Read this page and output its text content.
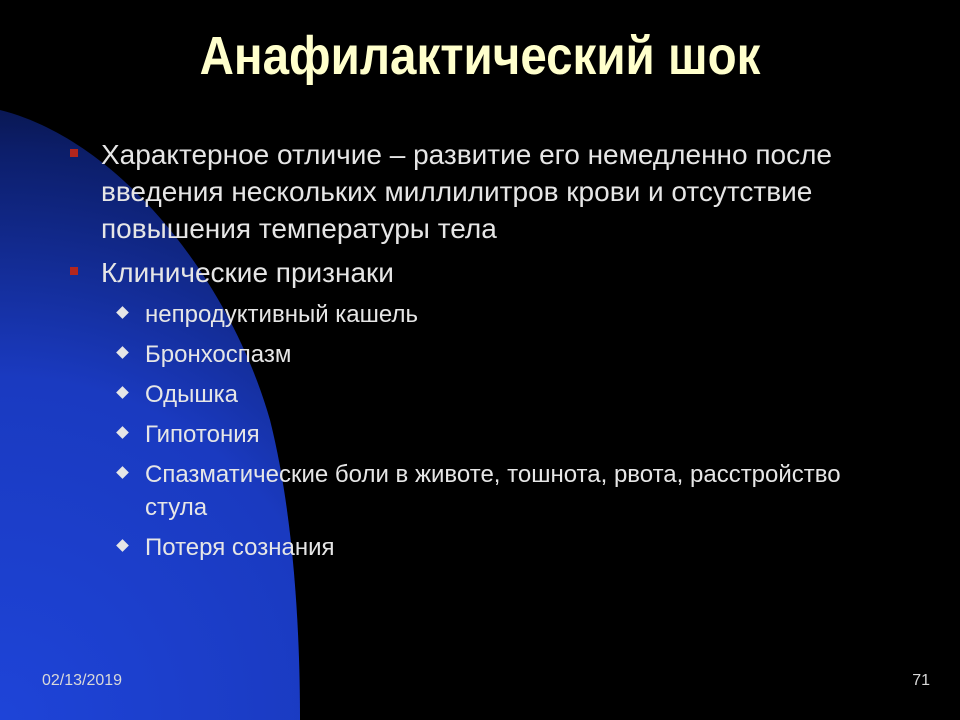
Анафилактический шок
Характерное отличие – развитие его немедленно после введения нескольких миллилитров крови и отсутствие повышения температуры тела
Клинические признаки
непродуктивный кашель
Бронхоспазм
Одышка
Гипотония
Спазматические боли в животе, тошнота, рвота, расстройство стула
Потеря сознания
02/13/2019	71
